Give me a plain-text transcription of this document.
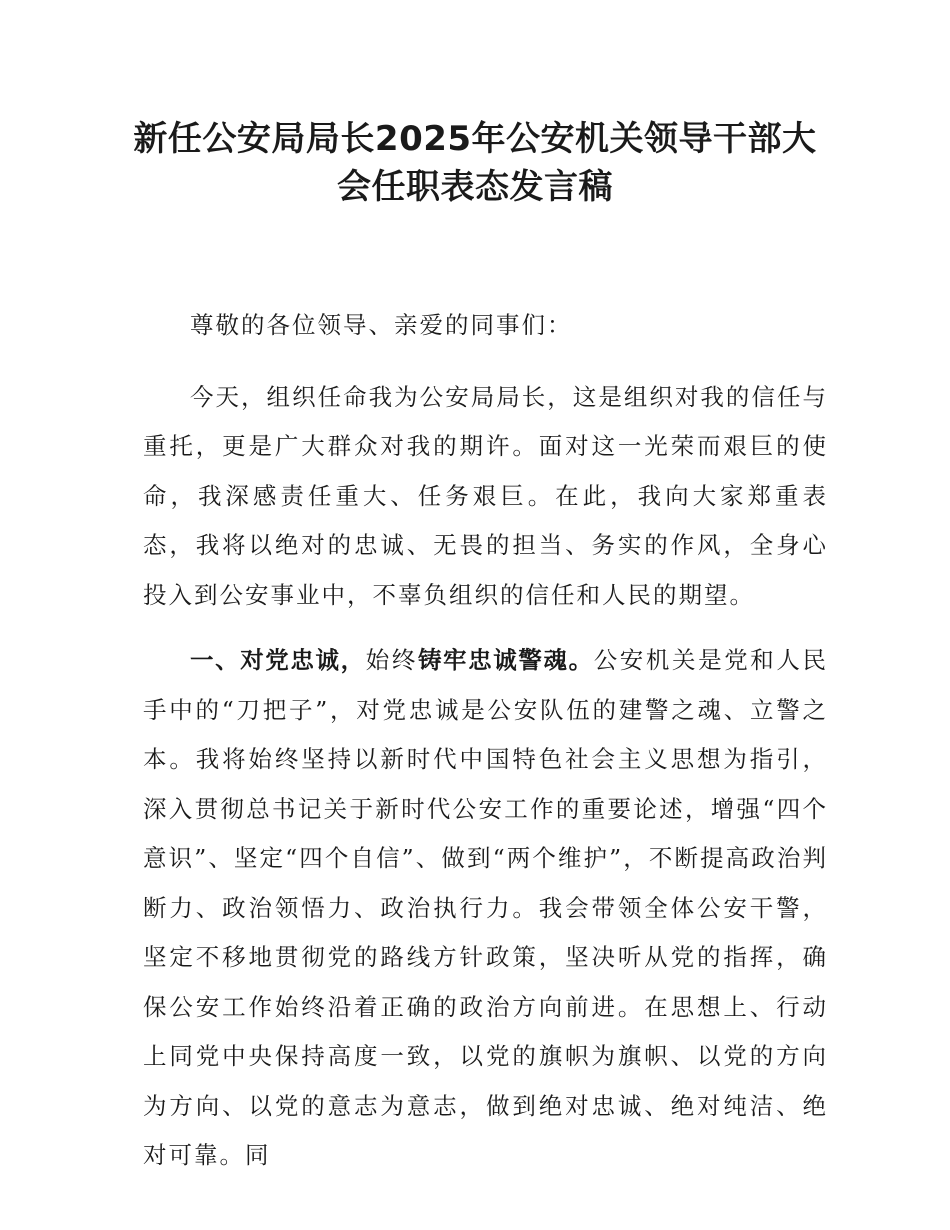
新任公安局局长2025年公安机关领导干部大
会任职表态发言稿

尊敬的各位领导、亲爱的同事们：

今天，组织任命我为公安局局长，这是组织对我的信任与重托，更是广大群众对我的期许。面对这一光荣而艰巨的使命，我深感责任重大、任务艰巨。在此，我向大家郑重表态，我将以绝对的忠诚、无畏的担当、务实的作风，全身心投入到公安事业中，不辜负组织的信任和人民的期望。

一、对党忠诚，始终铸牢忠诚警魂。公安机关是党和人民手中的“刀把子”，对党忠诚是公安队伍的建警之魂、立警之本。我将始终坚持以新时代中国特色社会主义思想为指引，深入贯彻总书记关于新时代公安工作的重要论述，增强“四个意识”、坚定“四个自信”、做到“两个维护”，不断提高政治判断力、政治领悟力、政治执行力。我会带领全体公安干警，坚定不移地贯彻党的路线方针政策，坚决听从党的指挥，确保公安工作始终沿着正确的政治方向前进。在思想上、行动上同党中央保持高度一致，以党的旗帜为旗帜、以党的方向为方向、以党的意志为意志，做到绝对忠诚、绝对纯洁、绝对可靠。同
